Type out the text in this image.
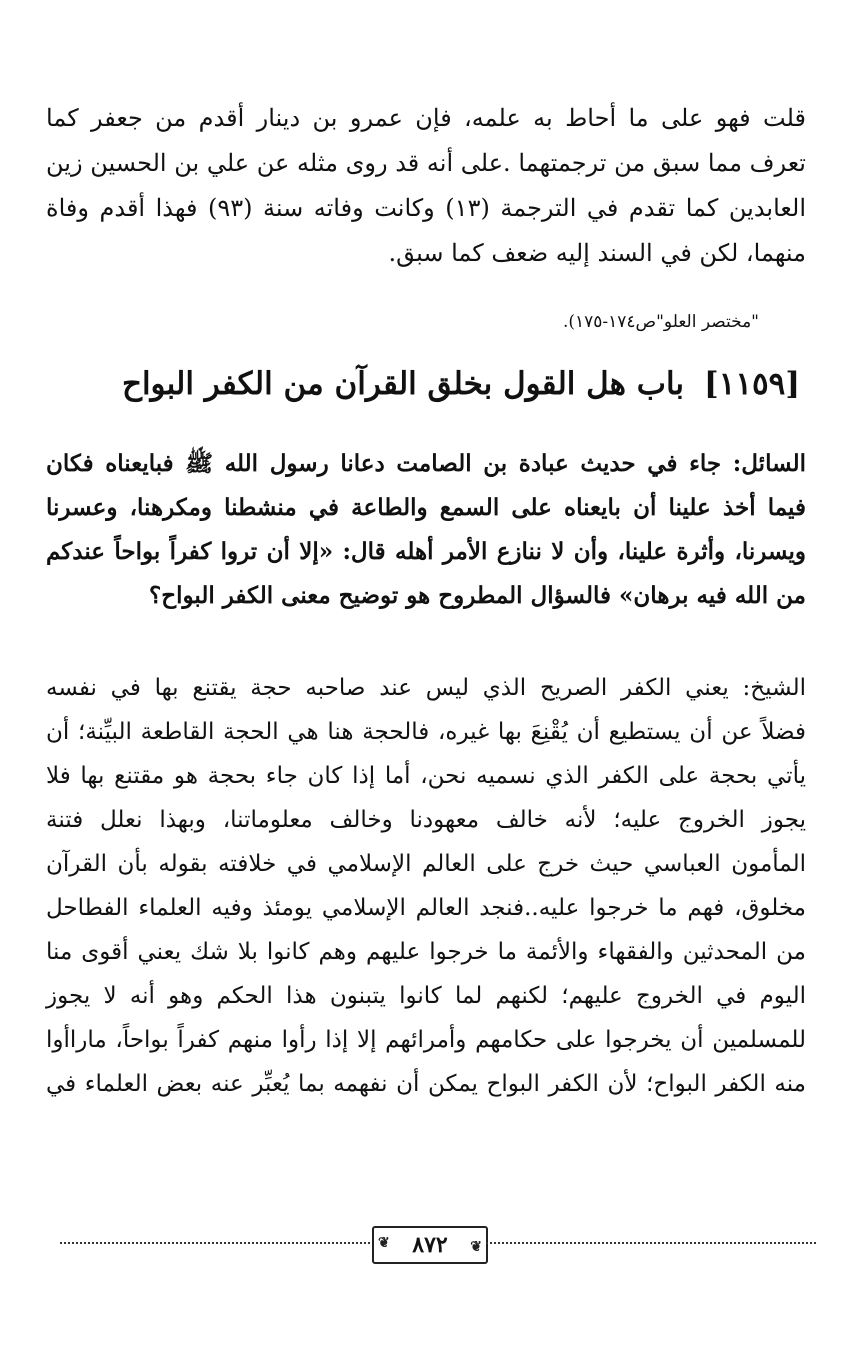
قلت فهو على ما أحاط به علمه، فإن عمرو بن دينار أقدم من جعفر كما
تعرف مما سبق من ترجمتهما .على أنه قد روى مثله عن علي بن الحسين زين
العابدين كما تقدم في الترجمة (١٣) وكانت وفاته سنة (٩٣) فهذا أقدم وفاة
منهما، لكن في السند إليه ضعف كما سبق.
"مختصر العلو"ص١٧٤-١٧٥).
[١١٥٩]باب هل القول بخلق القرآن من الكفر البواح
السائل: جاء في حديث عبادة بن الصامت دعانا رسول الله ﷺ فبايعناه فكان
فيما أخذ علينا أن بايعناه على السمع والطاعة في منشطنا ومكرهنا، وعسرنا
ويسرنا، وأثرة علينا، وأن لا ننازع الأمر أهله قال: «إلا أن تروا كفراً بواحاً عندكم
من الله فيه برهان» فالسؤال المطروح هو توضيح معنى الكفر البواح؟
الشيخ: يعني الكفر الصريح الذي ليس عند صاحبه حجة يقتنع بها في نفسه
فضلاً عن أن يستطيع أن يُقْنِعَ بها غيره، فالحجة هنا هي الحجة القاطعة البيِّنة؛ أن
يأتي بحجة على الكفر الذي نسميه نحن، أما إذا كان جاء بحجة هو مقتنع بها فلا
يجوز الخروج عليه؛ لأنه خالف معهودنا وخالف معلوماتنا، وبهذا نعلل فتنة
المأمون العباسي حيث خرج على العالم الإسلامي في خلافته بقوله بأن القرآن
مخلوق، فهم ما خرجوا عليه..فنجد العالم الإسلامي يومئذ وفيه العلماء الفطاحل
من المحدثين والفقهاء والأئمة ما خرجوا عليهم وهم كانوا بلا شك يعني أقوى منا
اليوم في الخروج عليهم؛ لكنهم لما كانوا يتبنون هذا الحكم وهو أنه لا يجوز
للمسلمين أن يخرجوا على حكامهم وأمرائهم إلا إذا رأوا منهم كفراً بواحاً، ماراأوا
منه الكفر البواح؛ لأن الكفر البواح يمكن أن نفهمه بما يُعبِّر عنه بعض العلماء في
❦ ٨٧٢ ❦
